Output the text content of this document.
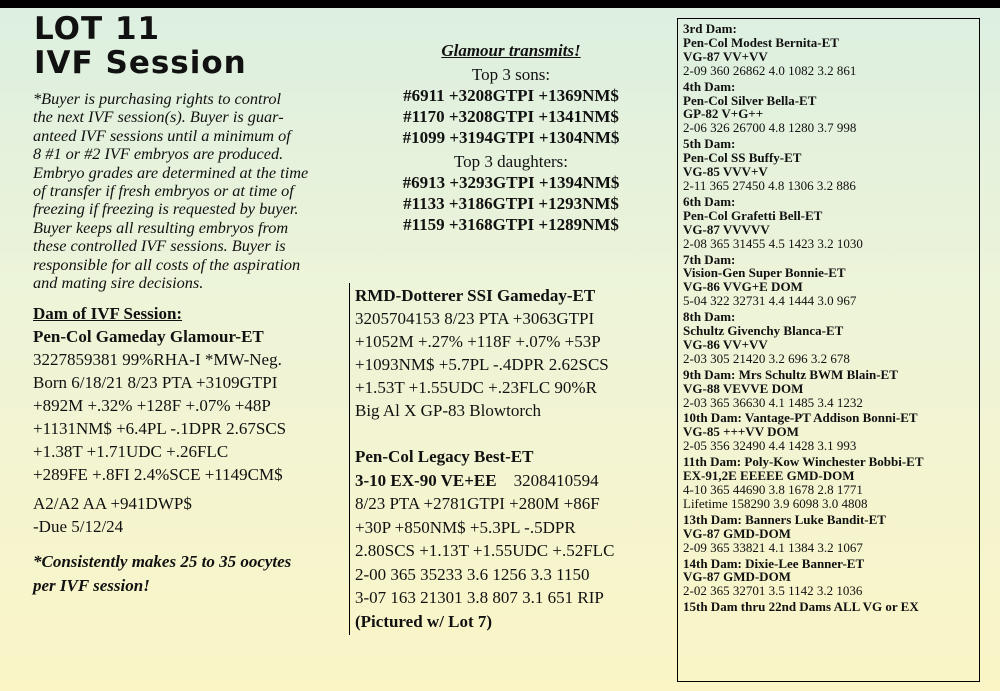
LOT 11
IVF Session
*Buyer is purchasing rights to control
the next IVF session(s). Buyer is guar-
anteed IVF sessions until a minimum of
8 #1 or #2 IVF embryos are produced.
Embryo grades are determined at the time
of transfer if fresh embryos or at time of
freezing if freezing is requested by buyer.
Buyer keeps all resulting embryos from
these controlled IVF sessions. Buyer is
responsible for all costs of the aspiration
and mating sire decisions.
Dam of IVF Session:
Pen-Col Gameday Glamour-ET
3227859381 99%RHA-I *MW-Neg.
Born 6/18/21 8/23 PTA +3109GTPI
+892M +.32% +128F +.07% +48P
+1131NM$ +6.4PL -.1DPR 2.67SCS
+1.38T +1.71UDC +.26FLC
+289FE +.8FI 2.4%SCE +1149CM$
A2/A2 AA +941DWP$
-Due 5/12/24
*Consistently makes 25 to 35 oocytes
per IVF session!
Glamour transmits!
Top 3 sons:
#6911 +3208GTPI +1369NM$
#1170 +3208GTPI +1341NM$
#1099 +3194GTPI +1304NM$
Top 3 daughters:
#6913 +3293GTPI +1394NM$
#1133 +3186GTPI +1293NM$
#1159 +3168GTPI +1289NM$
RMD-Dotterer SSI Gameday-ET
3205704153 8/23 PTA +3063GTPI
+1052M +.27% +118F +.07% +53P
+1093NM$ +5.7PL -.4DPR 2.62SCS
+1.53T +1.55UDC +.23FLC 90%R
Big Al X GP-83 Blowtorch
Pen-Col Legacy Best-ET
3-10 EX-90 VE+EE 3208410594
8/23 PTA +2781GTPI +280M +86F
+30P +850NM$ +5.3PL -.5DPR
2.80SCS +1.13T +1.55UDC +.52FLC
2-00 365 35233 3.6 1256 3.3 1150
3-07 163 21301 3.8 807 3.1 651 RIP
(Pictured w/ Lot 7)
3rd Dam:
Pen-Col Modest Bernita-ET
VG-87 VV+VV
2-09 360 26862 4.0 1082 3.2 861
4th Dam:
Pen-Col Silver Bella-ET
GP-82 V+G++
2-06 326 26700 4.8 1280 3.7 998
5th Dam:
Pen-Col SS Buffy-ET
VG-85 VVV+V
2-11 365 27450 4.8 1306 3.2 886
6th Dam:
Pen-Col Grafetti Bell-ET
VG-87 VVVVV
2-08 365 31455 4.5 1423 3.2 1030
7th Dam:
Vision-Gen Super Bonnie-ET
VG-86 VVG+E DOM
5-04 322 32731 4.4 1444 3.0 967
8th Dam:
Schultz Givenchy Blanca-ET
VG-86 VV+VV
2-03 305 21420 3.2 696 3.2 678
9th Dam: Mrs Schultz BWM Blain-ET
VG-88 VEVVE DOM
2-03 365 36630 4.1 1485 3.4 1232
10th Dam: Vantage-PT Addison Bonni-ET
VG-85 +++VV DOM
2-05 356 32490 4.4 1428 3.1 993
11th Dam: Poly-Kow Winchester Bobbi-ET
EX-91,2E EEEEE GMD-DOM
4-10 365 44690 3.8 1678 2.8 1771
Lifetime 158290 3.9 6098 3.0 4808
13th Dam: Banners Luke Bandit-ET
VG-87 GMD-DOM
2-09 365 33821 4.1 1384 3.2 1067
14th Dam: Dixie-Lee Banner-ET
VG-87 GMD-DOM
2-02 365 32701 3.5 1142 3.2 1036
15th Dam thru 22nd Dams ALL VG or EX
